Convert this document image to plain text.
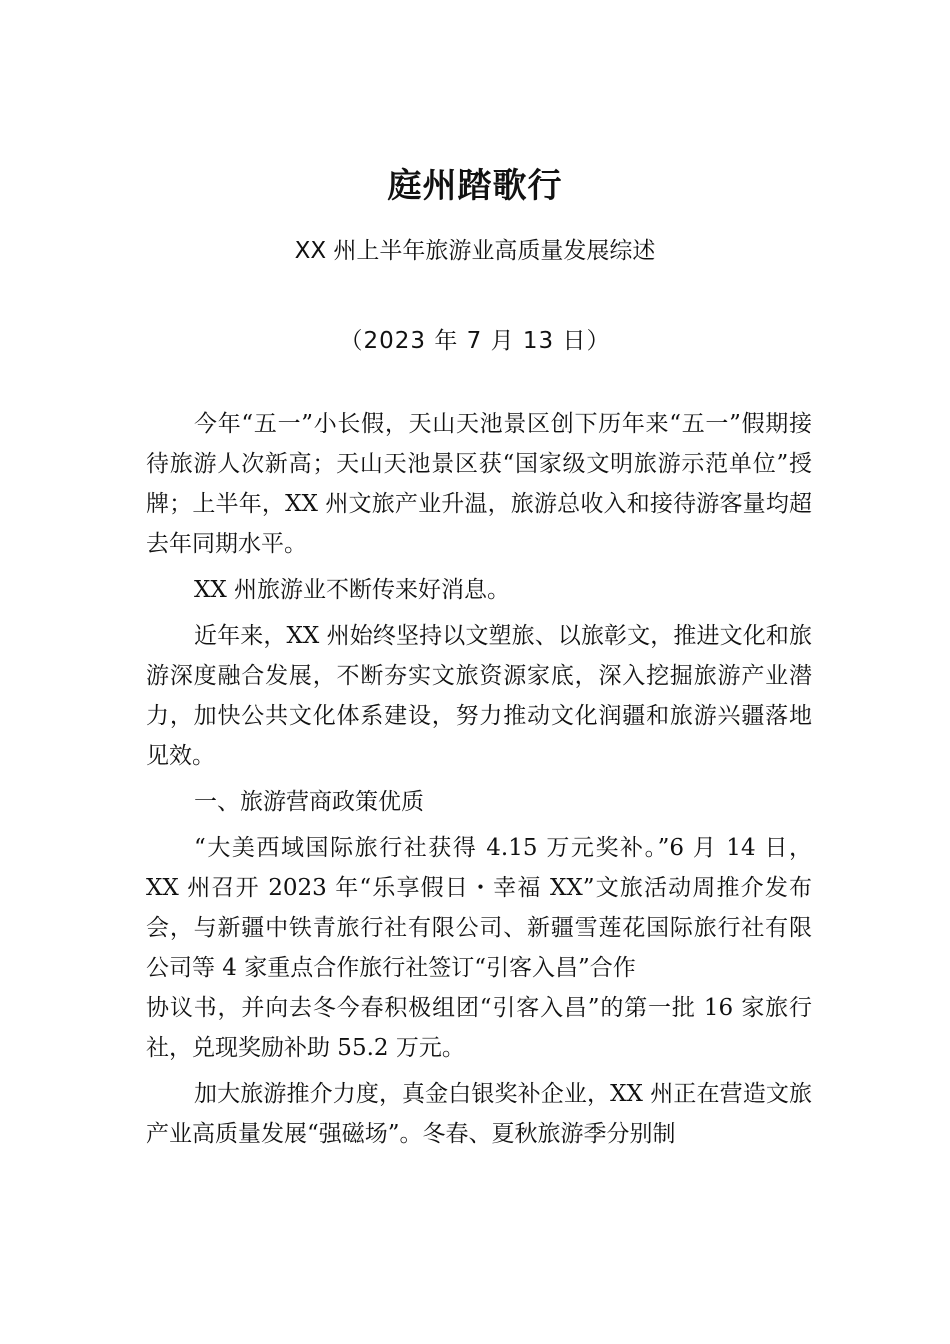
庭州踏歌行
XX 州上半年旅游业高质量发展综述
（2023 年 7 月 13 日）

今年“五一”小长假，天山天池景区创下历年来“五一”假期接待旅游人次新高；天山天池景区获“国家级文明旅游示范单位”授牌；上半年，XX 州文旅产业升温，旅游总收入和接待游客量均超去年同期水平。

XX 州旅游业不断传来好消息。

近年来，XX 州始终坚持以文塑旅、以旅彰文，推进文化和旅游深度融合发展，不断夯实文旅资源家底，深入挖掘旅游产业潜力，加快公共文化体系建设，努力推动文化润疆和旅游兴疆落地见效。

一、旅游营商政策优质

“大美西域国际旅行社获得 4.15 万元奖补。”6 月 14 日， XX 州召开 2023 年“乐享假日・幸福 XX”文旅活动周推介发布会，与新疆中铁青旅行社有限公司、新疆雪莲花国际旅行社有限公司等 4 家重点合作旅行社签订“引客入昌”合作

协议书，并向去冬今春积极组团“引客入昌”的第一批 16 家旅行社，兑现奖励补助 55.2 万元。

加大旅游推介力度，真金白银奖补企业，XX 州正在营造文旅产业高质量发展“强磁场”。冬春、夏秋旅游季分别制
